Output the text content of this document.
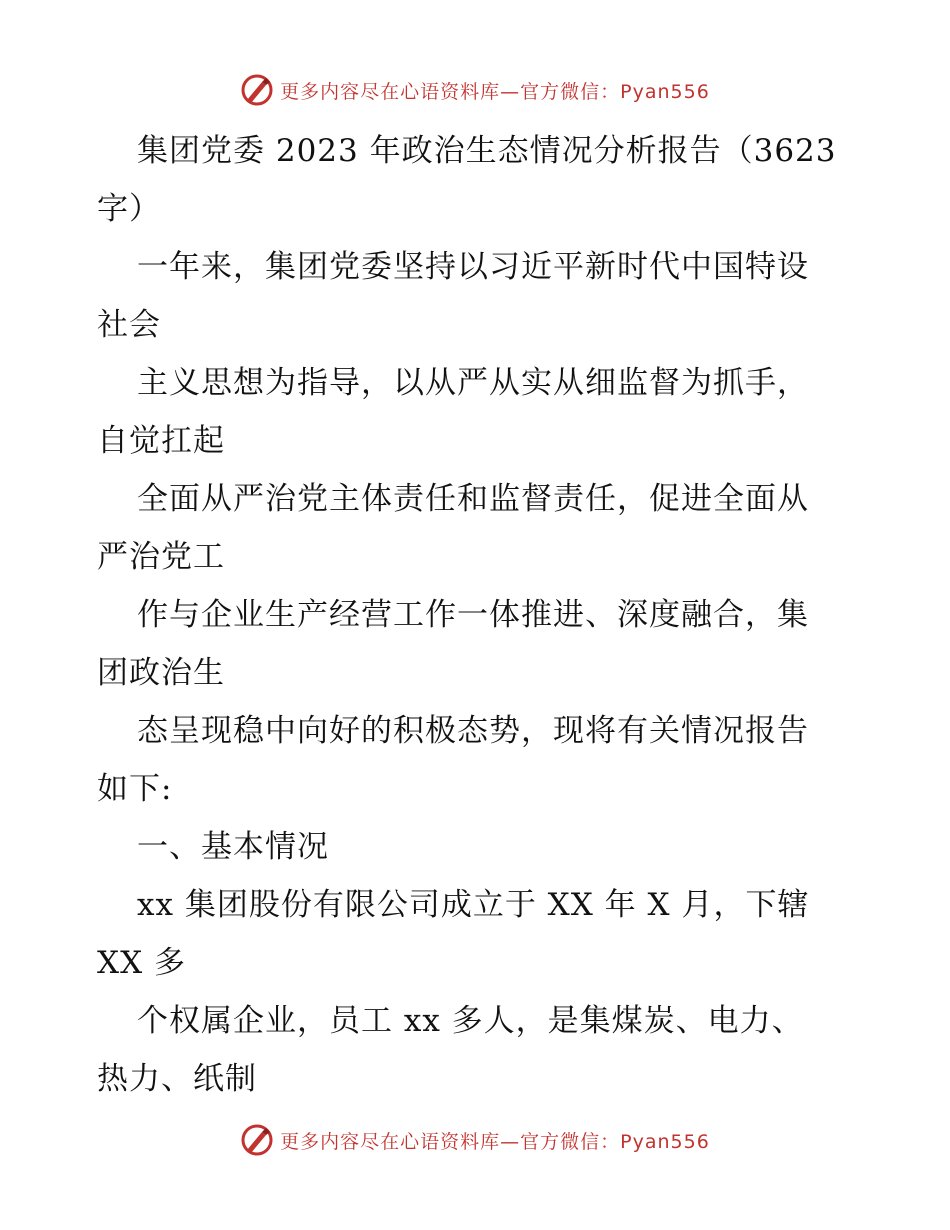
更多内容尽在心语资料库—官方微信：Pyan556
集团党委 2023 年政治生态情况分析报告（3623
字）
一年来，集团党委坚持以习近平新时代中国特设
社会
主义思想为指导，以从严从实从细监督为抓手，
自觉扛起
全面从严治党主体责任和监督责任，促进全面从
严治党工
作与企业生产经营工作一体推进、深度融合，集
团政治生
态呈现稳中向好的积极态势，现将有关情况报告
如下:
一、基本情况
xx 集团股份有限公司成立于 XX 年 X 月，下辖
XX 多
个权属企业，员工 xx 多人，是集煤炭、电力、
热力、纸制
更多内容尽在心语资料库—官方微信：Pyan556
